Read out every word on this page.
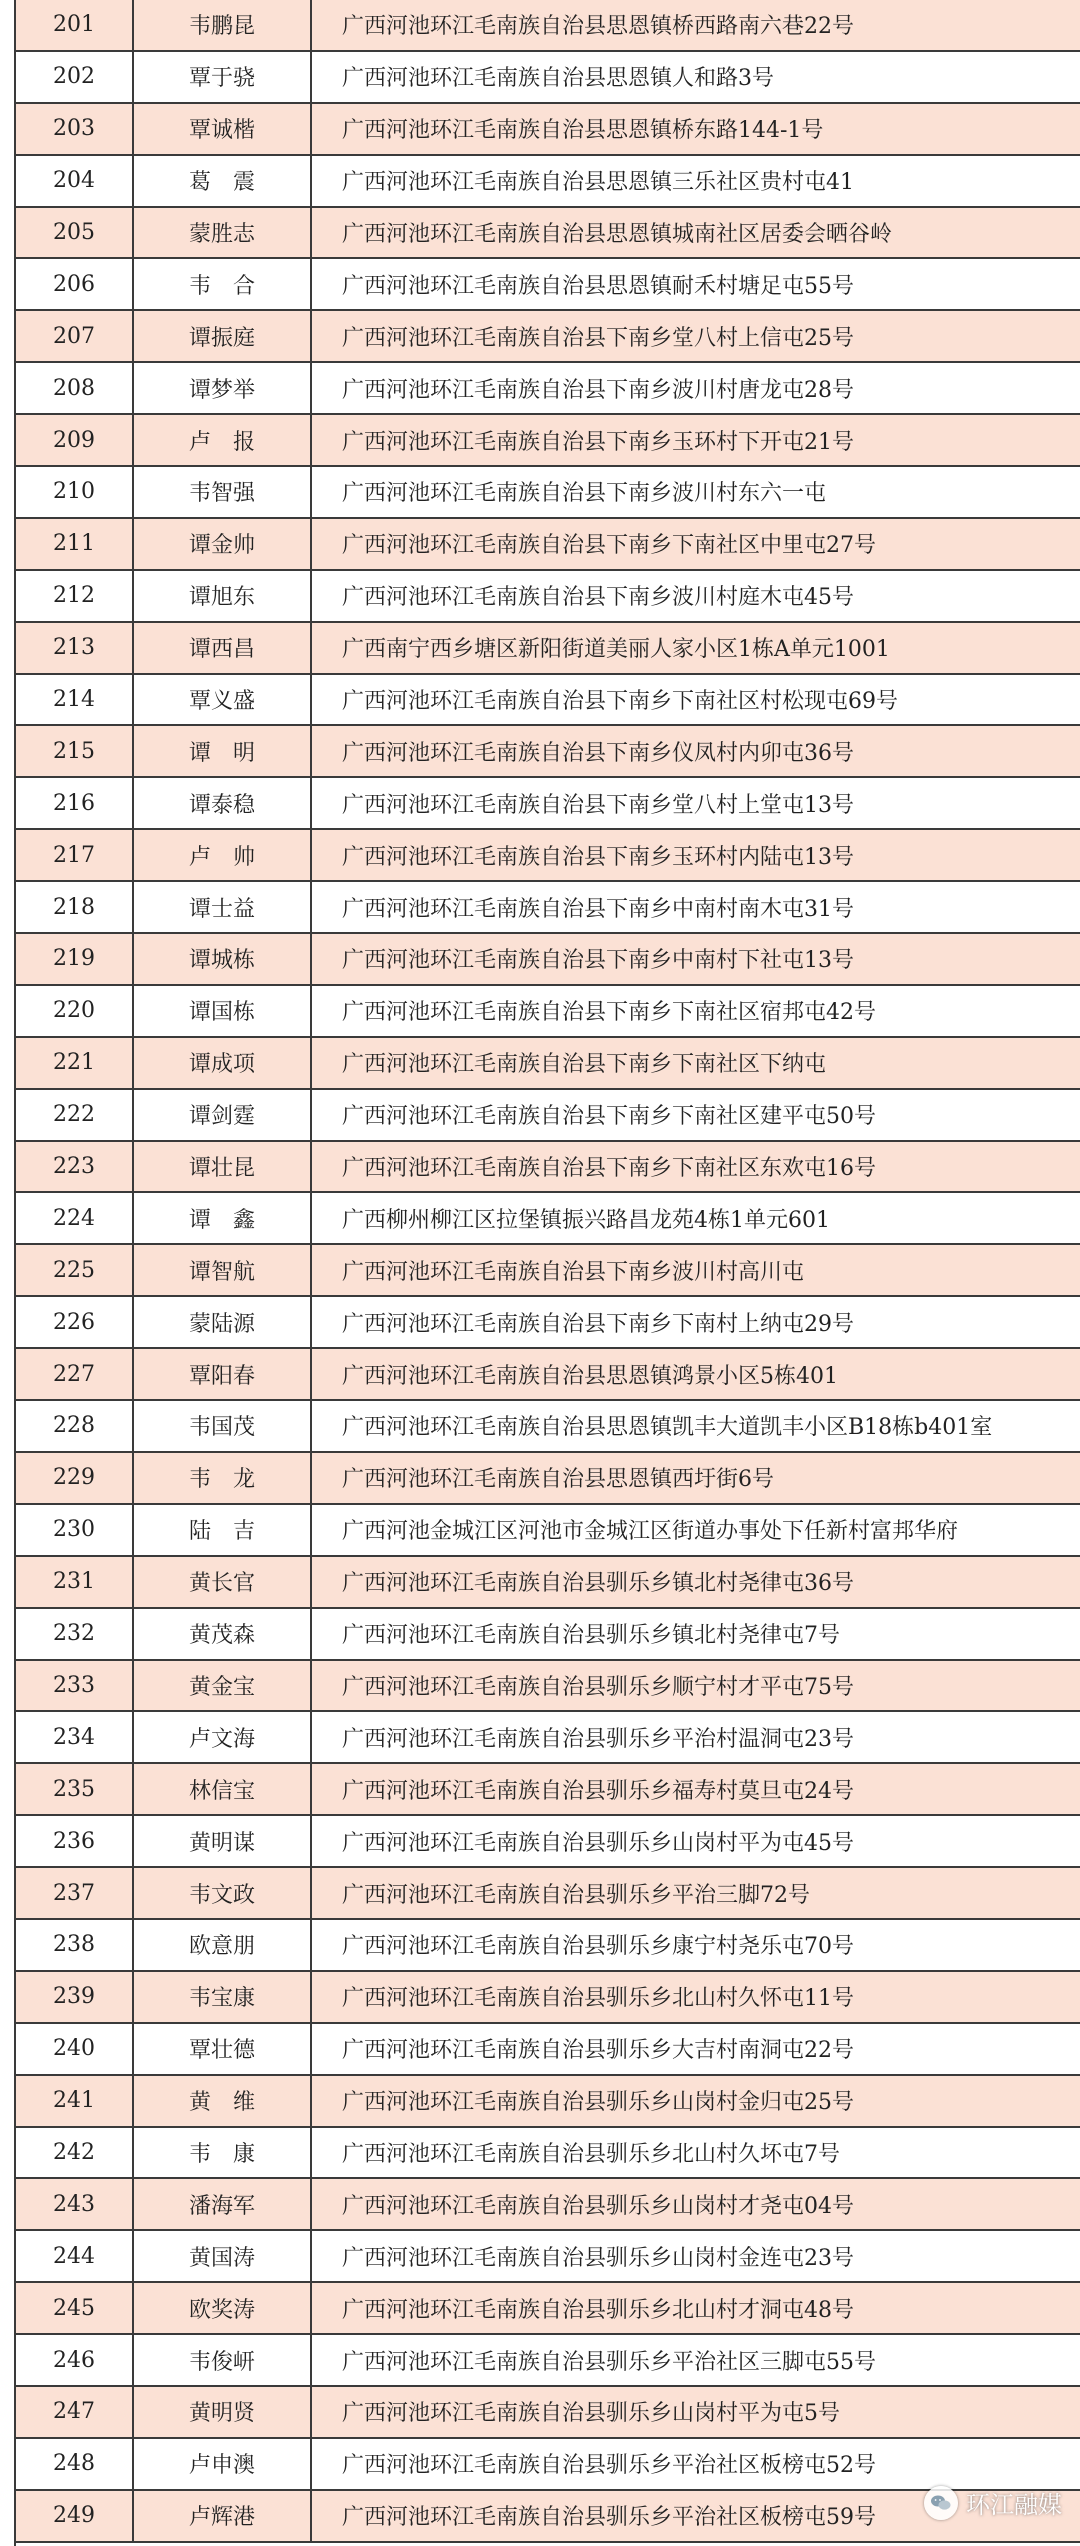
201	韦鹏昆	广西河池环江毛南族自治县思恩镇桥西路南六巷22号
202	覃于骁	广西河池环江毛南族自治县思恩镇人和路3号
203	覃诚楷	广西河池环江毛南族自治县思恩镇桥东路144-1号
204	葛　震	广西河池环江毛南族自治县思恩镇三乐社区贵村屯41
205	蒙胜志	广西河池环江毛南族自治县思恩镇城南社区居委会晒谷岭
206	韦　合	广西河池环江毛南族自治县思恩镇耐禾村塘足屯55号
207	谭振庭	广西河池环江毛南族自治县下南乡堂八村上信屯25号
208	谭梦举	广西河池环江毛南族自治县下南乡波川村唐龙屯28号
209	卢　报	广西河池环江毛南族自治县下南乡玉环村下开屯21号
210	韦智强	广西河池环江毛南族自治县下南乡波川村东六一屯
211	谭金帅	广西河池环江毛南族自治县下南乡下南社区中里屯27号
212	谭旭东	广西河池环江毛南族自治县下南乡波川村庭木屯45号
213	谭西昌	广西南宁西乡塘区新阳街道美丽人家小区1栋A单元1001
214	覃义盛	广西河池环江毛南族自治县下南乡下南社区村松现屯69号
215	谭　明	广西河池环江毛南族自治县下南乡仪凤村内卯屯36号
216	谭泰稳	广西河池环江毛南族自治县下南乡堂八村上堂屯13号
217	卢　帅	广西河池环江毛南族自治县下南乡玉环村内陆屯13号
218	谭士益	广西河池环江毛南族自治县下南乡中南村南木屯31号
219	谭城栋	广西河池环江毛南族自治县下南乡中南村下社屯13号
220	谭国栋	广西河池环江毛南族自治县下南乡下南社区宿邦屯42号
221	谭成项	广西河池环江毛南族自治县下南乡下南社区下纳屯
222	谭剑霆	广西河池环江毛南族自治县下南乡下南社区建平屯50号
223	谭壮昆	广西河池环江毛南族自治县下南乡下南社区东欢屯16号
224	谭　鑫	广西柳州柳江区拉堡镇振兴路昌龙苑4栋1单元601
225	谭智航	广西河池环江毛南族自治县下南乡波川村高川屯
226	蒙陆源	广西河池环江毛南族自治县下南乡下南村上纳屯29号
227	覃阳春	广西河池环江毛南族自治县思恩镇鸿景小区5栋401
228	韦国茂	广西河池环江毛南族自治县思恩镇凯丰大道凯丰小区B18栋b401室
229	韦　龙	广西河池环江毛南族自治县思恩镇西圩街6号
230	陆　吉	广西河池金城江区河池市金城江区街道办事处下任新村富邦华府
231	黄长官	广西河池环江毛南族自治县驯乐乡镇北村尧律屯36号
232	黄茂森	广西河池环江毛南族自治县驯乐乡镇北村尧律屯7号
233	黄金宝	广西河池环江毛南族自治县驯乐乡顺宁村才平屯75号
234	卢文海	广西河池环江毛南族自治县驯乐乡平治村温洞屯23号
235	林信宝	广西河池环江毛南族自治县驯乐乡福寿村莫旦屯24号
236	黄明谋	广西河池环江毛南族自治县驯乐乡山岗村平为屯45号
237	韦文政	广西河池环江毛南族自治县驯乐乡平治三脚72号
238	欧意朋	广西河池环江毛南族自治县驯乐乡康宁村尧乐屯70号
239	韦宝康	广西河池环江毛南族自治县驯乐乡北山村久怀屯11号
240	覃壮德	广西河池环江毛南族自治县驯乐乡大吉村南洞屯22号
241	黄　维	广西河池环江毛南族自治县驯乐乡山岗村金归屯25号
242	韦　康	广西河池环江毛南族自治县驯乐乡北山村久坏屯7号
243	潘海军	广西河池环江毛南族自治县驯乐乡山岗村才尧屯04号
244	黄国涛	广西河池环江毛南族自治县驯乐乡山岗村金连屯23号
245	欧奖涛	广西河池环江毛南族自治县驯乐乡北山村才洞屯48号
246	韦俊岍	广西河池环江毛南族自治县驯乐乡平治社区三脚屯55号
247	黄明贤	广西河池环江毛南族自治县驯乐乡山岗村平为屯5号
248	卢申澳	广西河池环江毛南族自治县驯乐乡平治社区板榜屯52号
249	卢辉港	广西河池环江毛南族自治县驯乐乡平治社区板榜屯59号	环江融媒
